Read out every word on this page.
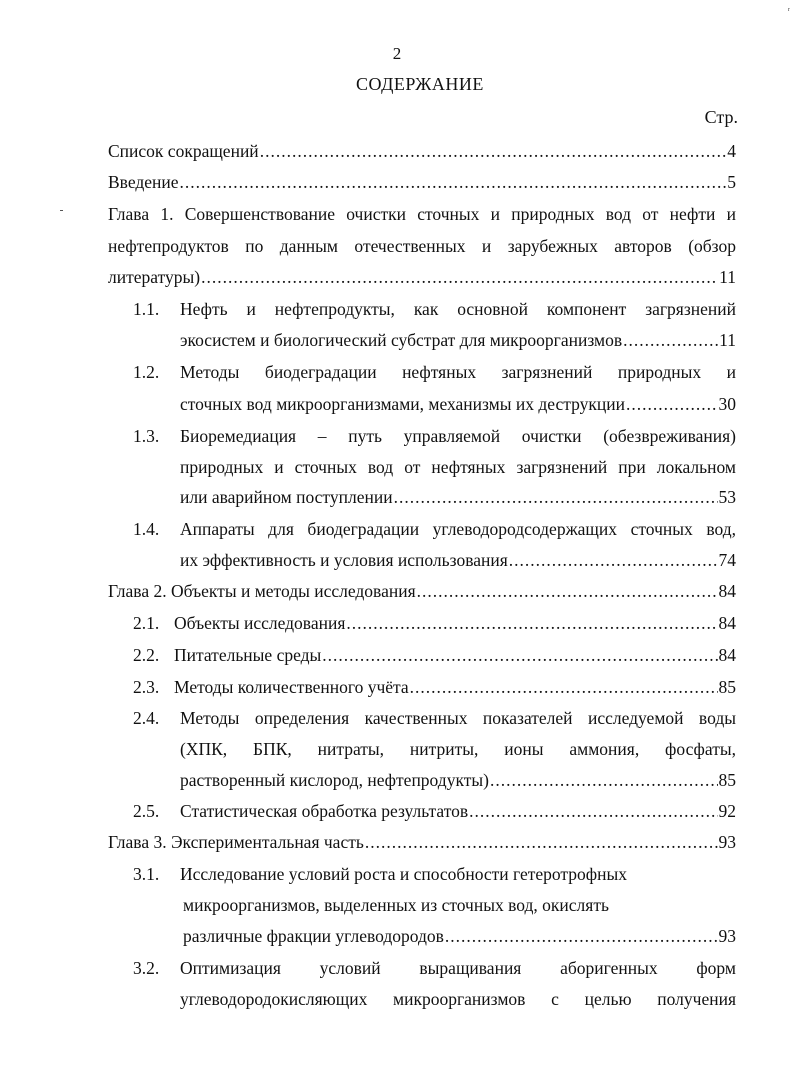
ᵣ
2
СОДЕРЖАНИЕ
Стр.
Список сокращений .....	4
Введение .....	5
Глава 1. Совершенствование очистки сточных и природных вод от нефти и
нефтепродуктов по данным отечественных и зарубежных авторов (обзор
литературы) .....	11
1.1. Нефть и нефтепродукты, как основной компонент загрязнений
экосистем и биологический субстрат для микроорганизмов .....	11
1.2. Методы биодеградации нефтяных загрязнений природных и
сточных вод микроорганизмами, механизмы их деструкции .....	30
1.3. Биоремедиация – путь управляемой очистки (обезвреживания)
природных и сточных вод от нефтяных загрязнений при локальном
или аварийном поступлении .....	53
1.4. Аппараты для биодеградации углеводородсодержащих сточных вод,
их эффективность и условия использования .....	74
Глава 2. Объекты и методы исследования .....	84
2.1. Объекты исследования .....	84
2.2. Питательные среды .....	84
2.3. Методы количественного учёта .....	85
2.4. Методы определения качественных показателей исследуемой воды
(ХПК, БПК, нитраты, нитриты, ионы аммония, фосфаты,
растворенный кислород, нефтепродукты) .....	85
2.5. Статистическая обработка результатов .....	92
Глава 3. Экспериментальная часть .....	93
3.1. Исследование условий роста и способности гетеротрофных
микроорганизмов, выделенных из сточных вод, окислять
различные фракции углеводородов .....	93
3.2. Оптимизация условий выращивания аборигенных форм
углеводородокисляющих микроорганизмов с целью получения
